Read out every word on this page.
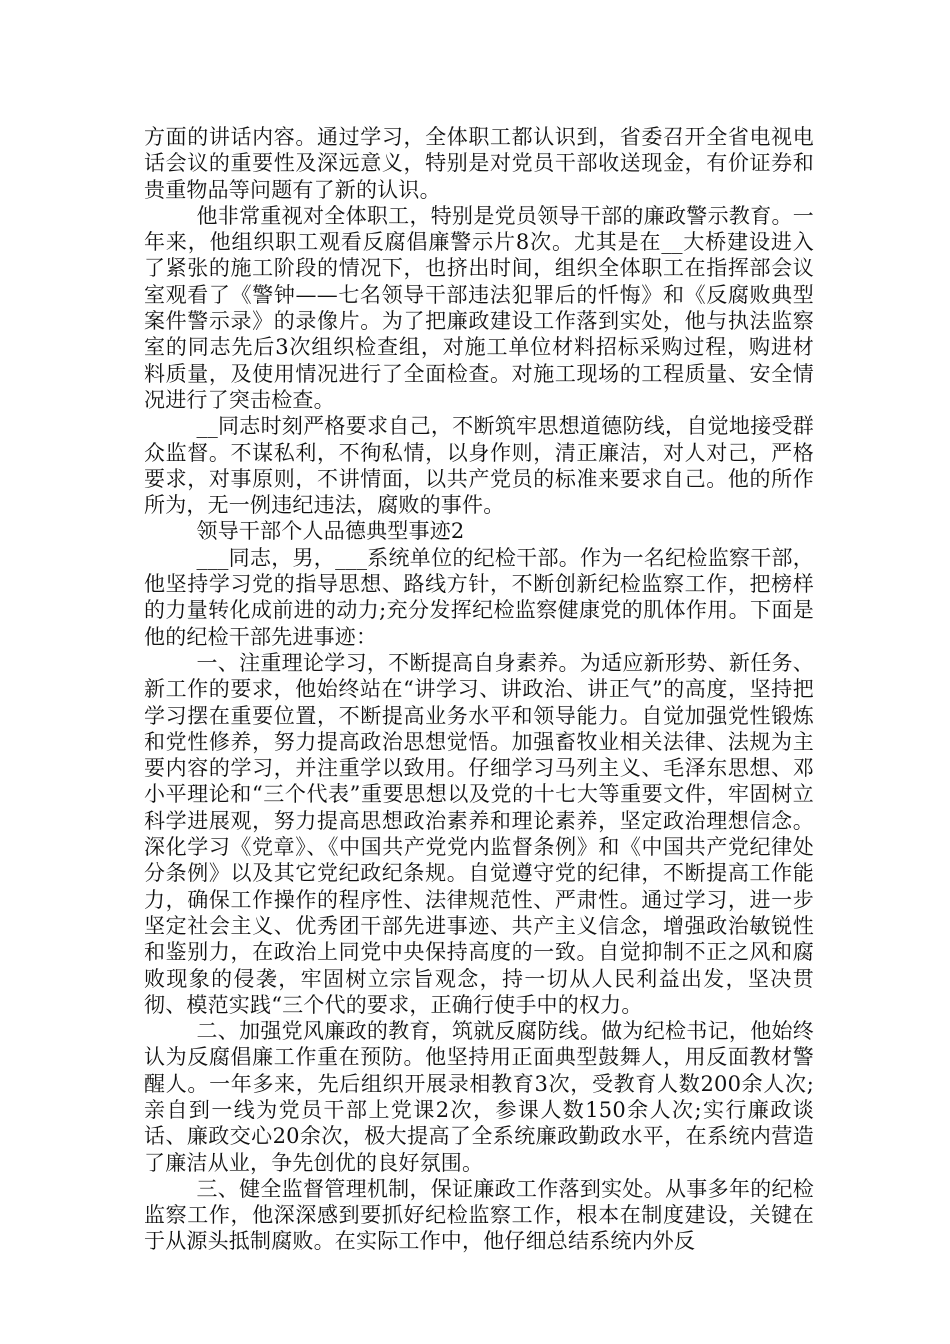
方面的讲话内容。通过学习，全体职工都认识到，省委召开全省电视电话会议的重要性及深远意义，特别是对党员干部收送现金，有价证券和贵重物品等问题有了新的认识。

他非常重视对全体职工，特别是党员领导干部的廉政警示教育。一年来，他组织职工观看反腐倡廉警示片8次。尤其是在__大桥建设进入了紧张的施工阶段的情况下，也挤出时间，组织全体职工在指挥部会议室观看了《警钟——七名领导干部违法犯罪后的忏悔》和《反腐败典型案件警示录》的录像片。为了把廉政建设工作落到实处，他与执法监察室的同志先后3次组织检查组，对施工单位材料招标采购过程，购进材料质量，及使用情况进行了全面检查。对施工现场的工程质量、安全情况进行了突击检查。

__同志时刻严格要求自己，不断筑牢思想道德防线，自觉地接受群众监督。不谋私利，不徇私情，以身作则，清正廉洁，对人对己，严格要求，对事原则，不讲情面，以共产党员的标准来要求自己。他的所作所为，无一例违纪违法，腐败的事件。

领导干部个人品德典型事迹2

___同志，男，___系统单位的纪检干部。作为一名纪检监察干部，他坚持学习党的指导思想、路线方针，不断创新纪检监察工作，把榜样的力量转化成前进的动力;充分发挥纪检监察健康党的肌体作用。下面是他的纪检干部先进事迹：

一、注重理论学习，不断提高自身素养。为适应新形势、新任务、新工作的要求，他始终站在“讲学习、讲政治、讲正气”的高度，坚持把学习摆在重要位置，不断提高业务水平和领导能力。自觉加强党性锻炼和党性修养，努力提高政治思想觉悟。加强畜牧业相关法律、法规为主要内容的学习，并注重学以致用。仔细学习马列主义、毛泽东思想、邓小平理论和“三个代表”重要思想以及党的十七大等重要文件，牢固树立科学进展观，努力提高思想政治素养和理论素养，坚定政治理想信念。深化学习《党章》、《中国共产党党内监督条例》和《中国共产党纪律处分条例》以及其它党纪政纪条规。自觉遵守党的纪律，不断提高工作能力，确保工作操作的程序性、法律规范性、严肃性。通过学习，进一步坚定社会主义、优秀团干部先进事迹、共产主义信念，增强政治敏锐性和鉴别力，在政治上同党中央保持高度的一致。自觉抑制不正之风和腐败现象的侵袭，牢固树立宗旨观念，持一切从人民利益出发，坚决贯彻、模范实践“三个代的要求，正确行使手中的权力。

二、加强党风廉政的教育，筑就反腐防线。做为纪检书记，他始终认为反腐倡廉工作重在预防。他坚持用正面典型鼓舞人，用反面教材警醒人。一年多来，先后组织开展录相教育3次，受教育人数200余人次;亲自到一线为党员干部上党课2次，参课人数150余人次;实行廉政谈话、廉政交心20余次，极大提高了全系统廉政勤政水平，在系统内营造了廉洁从业，争先创优的良好氛围。

三、健全监督管理机制，保证廉政工作落到实处。从事多年的纪检监察工作，他深深感到要抓好纪检监察工作，根本在制度建设，关键在于从源头抵制腐败。在实际工作中，他仔细总结系统内外反
